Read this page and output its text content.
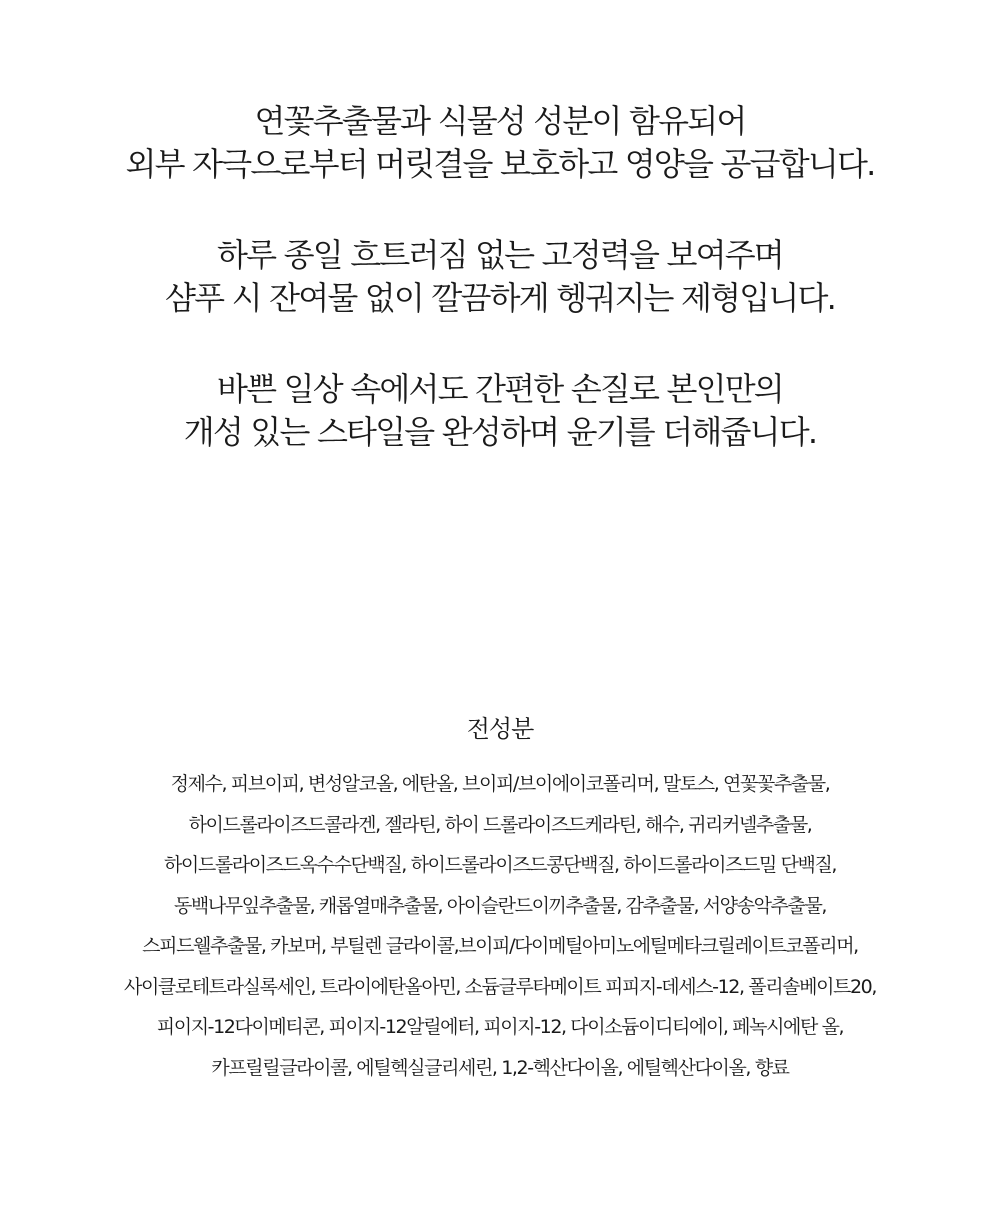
연꽃추출물과 식물성 성분이 함유되어

외부 자극으로부터 머릿결을 보호하고 영양을 공급합니다.

하루 종일 흐트러짐 없는 고정력을 보여주며

샴푸 시 잔여물 없이 깔끔하게 헹궈지는 제형입니다.

바쁜 일상 속에서도 간편한 손질로 본인만의

개성 있는 스타일을 완성하며 윤기를 더해줍니다.

전성분

정제수, 피브이피, 변성알코올, 에탄올, 브이피/브이에이코폴리머, 말토스, 연꽃꽃추출물,

하이드롤라이즈드콜라겐, 젤라틴, 하이 드롤라이즈드케라틴, 해수, 귀리커넬추출물,

하이드롤라이즈드옥수수단백질, 하이드롤라이즈드콩단백질, 하이드롤라이즈드밀 단백질,

동백나무잎추출물, 캐롭열매추출물, 아이슬란드이끼추출물, 감추출물, 서양송악추출물,

스피드웰추출물, 카보머, 부틸렌 글라이콜,브이피/다이메틸아미노에틸메타크릴레이트코폴리머,

사이클로테트라실록세인, 트라이에탄올아민, 소듐글루타메이트 피피지-데세스-12, 폴리솔베이트20,

피이지-12다이메티콘, 피이지-12알릴에터, 피이지-12, 다이소듐이디티에이, 페녹시에탄 올,

카프릴릴글라이콜, 에틸헥실글리세린, 1,2-헥산다이올, 에틸헥산다이올, 향료
